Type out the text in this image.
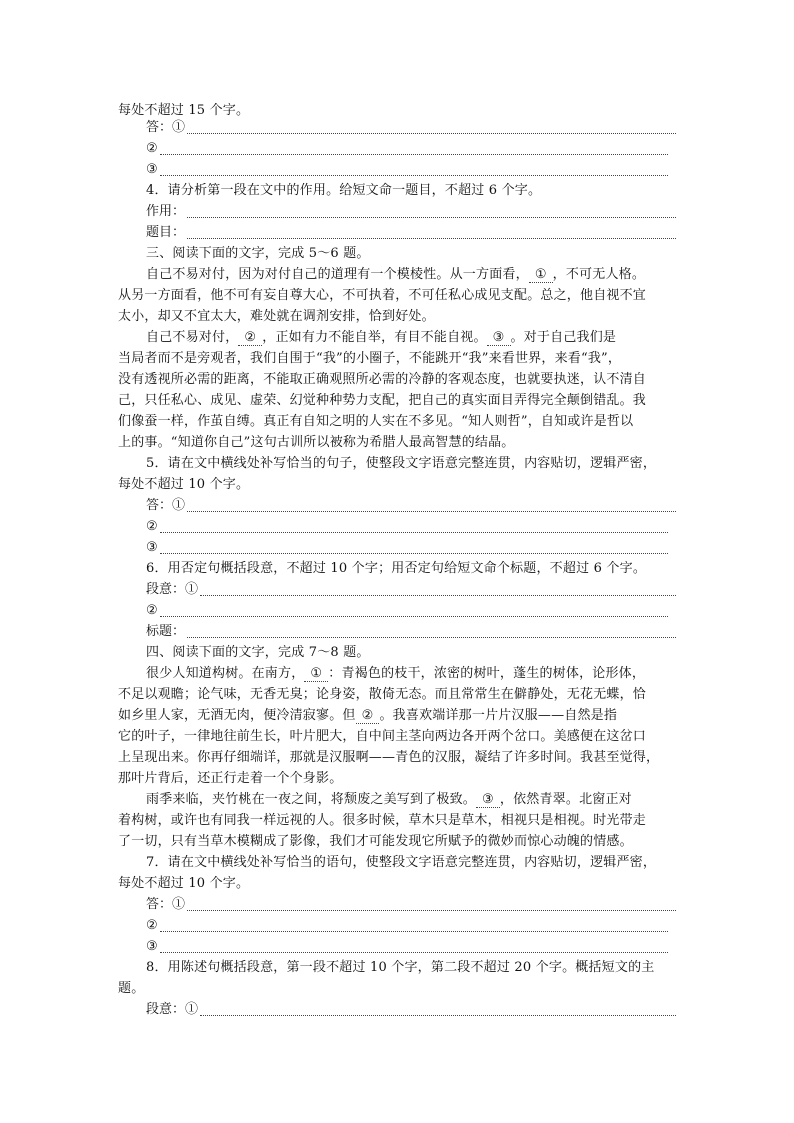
每处不超过 15 个字。
答：①
②
③
4．请分析第一段在文中的作用。给短文命一题目，不超过 6 个字。
作用：
题目：
三、阅读下面的文字，完成 5～6 题。
自己不易对付，因为对付自己的道理有一个模棱性。从一方面看， ① ，不可无人格。
从另一方面看，他不可有妄自尊大心，不可执着，不可任私心成见支配。总之，他自视不宜
太小，却又不宜太大，难处就在调剂安排，恰到好处。
自己不易对付， ② ，正如有力不能自举，有目不能自视。 ③ 。对于自己我们是
当局者而不是旁观者，我们自围于“我”的小圈子，不能跳开“我”来看世界，来看“我”，
没有透视所必需的距离，不能取正确观照所必需的冷静的客观态度，也就要执迷，认不清自
己，只任私心、成见、虚荣、幻觉种种势力支配，把自己的真实面目弄得完全颠倒错乱。我
们像蚕一样，作茧自缚。真正有自知之明的人实在不多见。“知人则哲”，自知或许是哲以
上的事。“知道你自己”这句古训所以被称为希腊人最高智慧的结晶。
5．请在文中横线处补写恰当的句子，使整段文字语意完整连贯，内容贴切，逻辑严密，
每处不超过 10 个字。
答：①
②
③
6．用否定句概括段意，不超过 10 个字；用否定句给短文命个标题，不超过 6 个字。
段意：①
②
标题：
四、阅读下面的文字，完成 7～8 题。
很少人知道构树。在南方， ① ：青褐色的枝干，浓密的树叶，蓬生的树体，论形体，
不足以观瞻；论气味，无香无臭；论身姿，散倚无态。而且常常生在僻静处，无花无蝶，恰
如乡里人家，无酒无肉，便冷清寂寥。但 ② 。我喜欢端详那一片片汉服——自然是指
它的叶子，一律地往前生长，叶片肥大，自中间主茎向两边各开两个岔口。美感便在这岔口
上呈现出来。你再仔细端详，那就是汉服啊——青色的汉服，凝结了许多时间。我甚至觉得，
那叶片背后，还正行走着一个个身影。
雨季来临，夹竹桃在一夜之间，将颓废之美写到了极致。 ③ ，依然青翠。北窗正对
着构树，或许也有同我一样远视的人。很多时候，草木只是草木，相视只是相视。时光带走
了一切，只有当草木模糊成了影像，我们才可能发现它所赋予的微妙而惊心动魄的情感。
7．请在文中横线处补写恰当的语句，使整段文字语意完整连贯，内容贴切，逻辑严密，
每处不超过 10 个字。
答：①
②
③
8．用陈述句概括段意，第一段不超过 10 个字，第二段不超过 20 个字。概括短文的主
题。
段意：①
